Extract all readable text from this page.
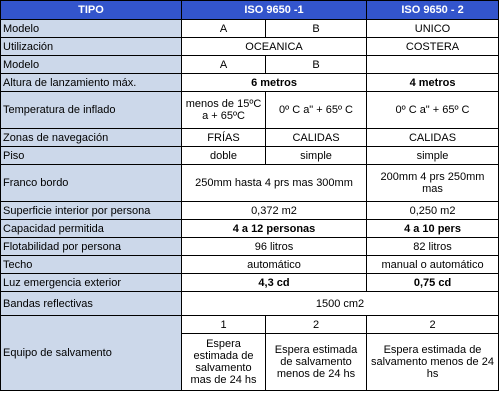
TIPO	ISO 9650 -1		ISO 9650 - 2
Modelo	A	B	UNICO
Utilización	OCEANICA		COSTERA
Modelo	A	B	
Altura de lanzamiento máx.	6 metros		4 metros
Temperatura de inflado	menos de 15ºC a + 65ºC	0º C a" + 65º C	0º C a" + 65º C
Zonas de navegación	FRÍAS	CALIDAS	CALIDAS
Piso	doble	simple	simple
Franco bordo	250mm hasta 4 prs mas 300mm		200mm 4 prs 250mm mas
Superficie interior por persona	0,372 m2		0,250 m2
Capacidad permitida	4 a 12 personas		4 a 10 pers
Flotabilidad por persona	96 litros		82 litros
Techo	automático		manual o automático
Luz emergencia exterior	4,3 cd		0,75 cd
Bandas reflectivas	1500 cm2		
Equipo de salvamento	1	2	2
	Espera estimada de salvamento mas de 24 hs	Espera estimada de salvamento menos de 24 hs	Espera estimada de salvamento menos de 24 hs
